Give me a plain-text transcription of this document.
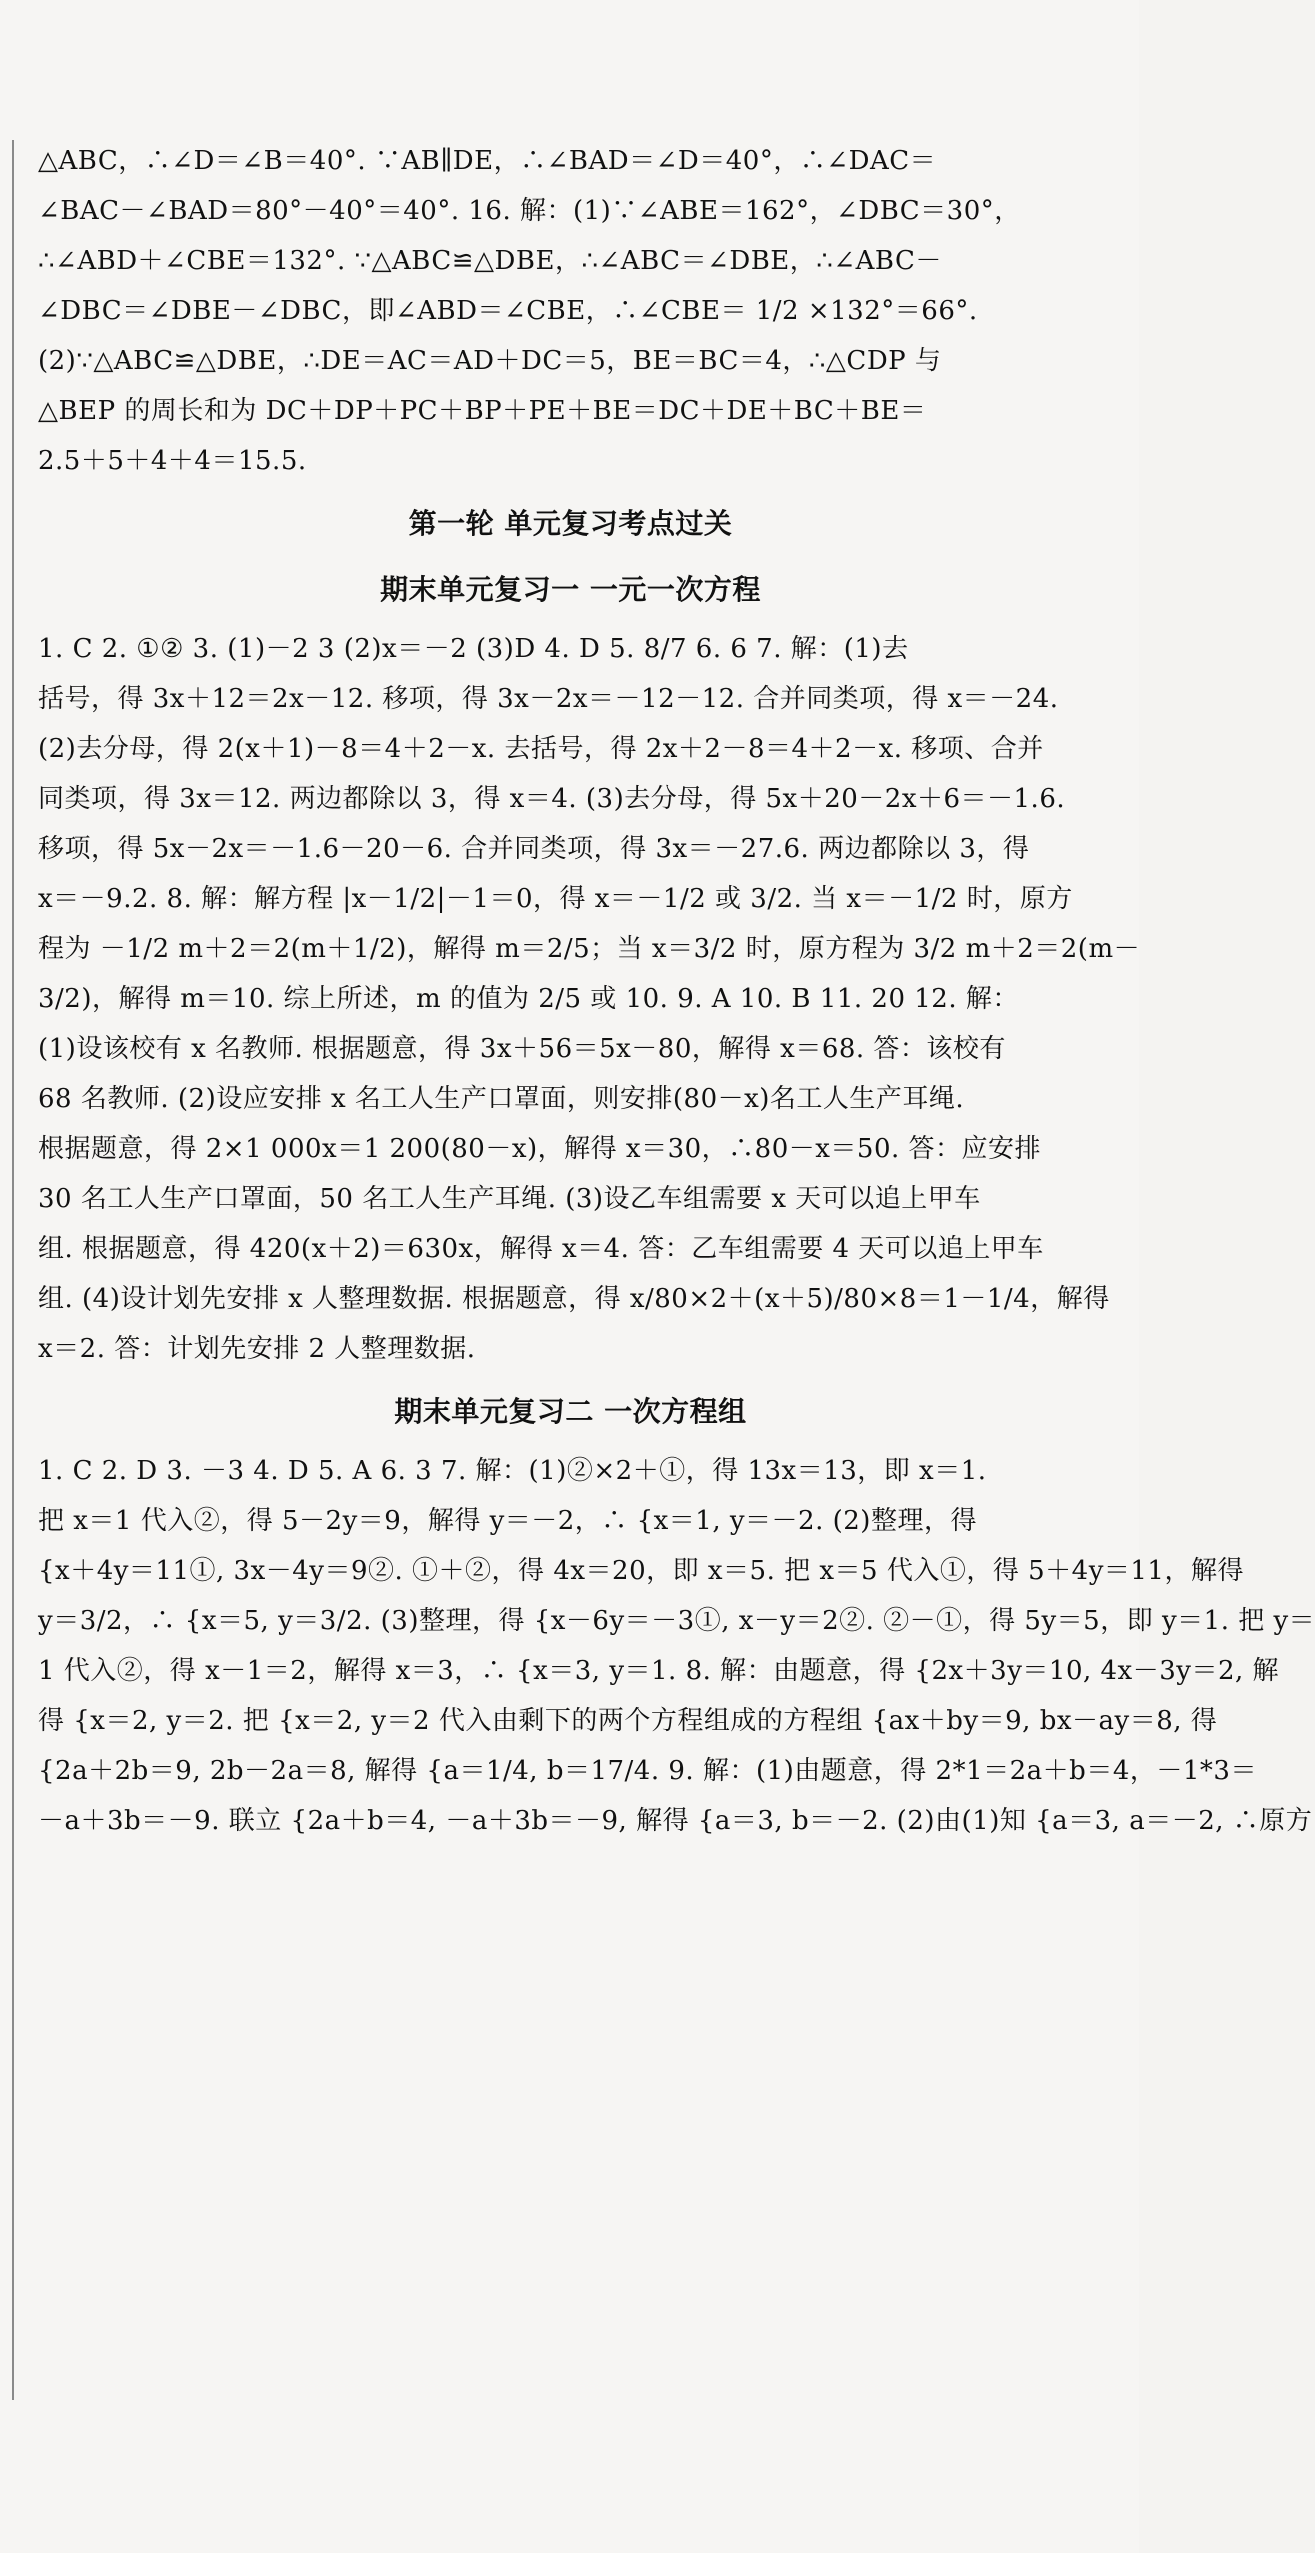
△ABC，∴∠D＝∠B＝40°. ∵AB∥DE，∴∠BAD＝∠D＝40°，∴∠DAC＝
∠BAC－∠BAD＝80°－40°＝40°. 16. 解：(1)∵∠ABE＝162°，∠DBC＝30°，
∴∠ABD＋∠CBE＝132°. ∵△ABC≌△DBE，∴∠ABC＝∠DBE，∴∠ABC－
∠DBC＝∠DBE－∠DBC，即∠ABD＝∠CBE，∴∠CBE＝ 1/2 ×132°＝66°.
(2)∵△ABC≌△DBE，∴DE＝AC＝AD＋DC＝5，BE＝BC＝4，∴△CDP 与
△BEP 的周长和为 DC＋DP＋PC＋BP＋PE＋BE＝DC＋DE＋BC＋BE＝
2.5＋5＋4＋4＝15.5.
第一轮 单元复习考点过关
期末单元复习一 一元一次方程
1. C 2. ①② 3. (1)－2 3 (2)x＝－2 (3)D 4. D 5. 8/7 6. 6 7. 解：(1)去
括号，得 3x＋12＝2x－12. 移项，得 3x－2x＝－12－12. 合并同类项，得 x＝－24.
(2)去分母，得 2(x＋1)－8＝4＋2－x. 去括号，得 2x＋2－8＝4＋2－x. 移项、合并
同类项，得 3x＝12. 两边都除以 3，得 x＝4. (3)去分母，得 5x＋20－2x＋6＝－1.6.
移项，得 5x－2x＝－1.6－20－6. 合并同类项，得 3x＝－27.6. 两边都除以 3，得
x＝－9.2. 8. 解：解方程 |x－1/2|－1＝0，得 x＝－1/2 或 3/2. 当 x＝－1/2 时，原方
程为 －1/2 m＋2＝2(m＋1/2)，解得 m＝2/5；当 x＝3/2 时，原方程为 3/2 m＋2＝2(m－
3/2)，解得 m＝10. 综上所述，m 的值为 2/5 或 10. 9. A 10. B 11. 20 12. 解：
(1)设该校有 x 名教师. 根据题意，得 3x＋56＝5x－80，解得 x＝68. 答：该校有
68 名教师. (2)设应安排 x 名工人生产口罩面，则安排(80－x)名工人生产耳绳.
根据题意，得 2×1 000x＝1 200(80－x)，解得 x＝30，∴80－x＝50. 答：应安排
30 名工人生产口罩面，50 名工人生产耳绳. (3)设乙车组需要 x 天可以追上甲车
组. 根据题意，得 420(x＋2)＝630x，解得 x＝4. 答：乙车组需要 4 天可以追上甲车
组. (4)设计划先安排 x 人整理数据. 根据题意，得 x/80×2＋(x＋5)/80×8＝1－1/4，解得
x＝2. 答：计划先安排 2 人整理数据.
期末单元复习二 一次方程组
1. C 2. D 3. －3 4. D 5. A 6. 3 7. 解：(1)②×2＋①，得 13x＝13，即 x＝1.
把 x＝1 代入②，得 5－2y＝9，解得 y＝－2，∴ {x＝1, y＝－2. (2)整理，得
{x＋4y＝11①, 3x－4y＝9②. ①＋②，得 4x＝20，即 x＝5. 把 x＝5 代入①，得 5＋4y＝11，解得
y＝3/2，∴ {x＝5, y＝3/2. (3)整理，得 {x－6y＝－3①, x－y＝2②. ②－①，得 5y＝5，即 y＝1. 把 y＝
1 代入②，得 x－1＝2，解得 x＝3，∴ {x＝3, y＝1. 8. 解：由题意，得 {2x＋3y＝10, 4x－3y＝2, 解
得 {x＝2, y＝2. 把 {x＝2, y＝2 代入由剩下的两个方程组成的方程组 {ax＋by＝9, bx－ay＝8, 得
{2a＋2b＝9, 2b－2a＝8, 解得 {a＝1/4, b＝17/4. 9. 解：(1)由题意，得 2*1＝2a＋b＝4，－1*3＝
－a＋3b＝－9. 联立 {2a＋b＝4, －a＋3b＝－9, 解得 {a＝3, b＝－2. (2)由(1)知 {a＝3, a＝－2, ∴原方
